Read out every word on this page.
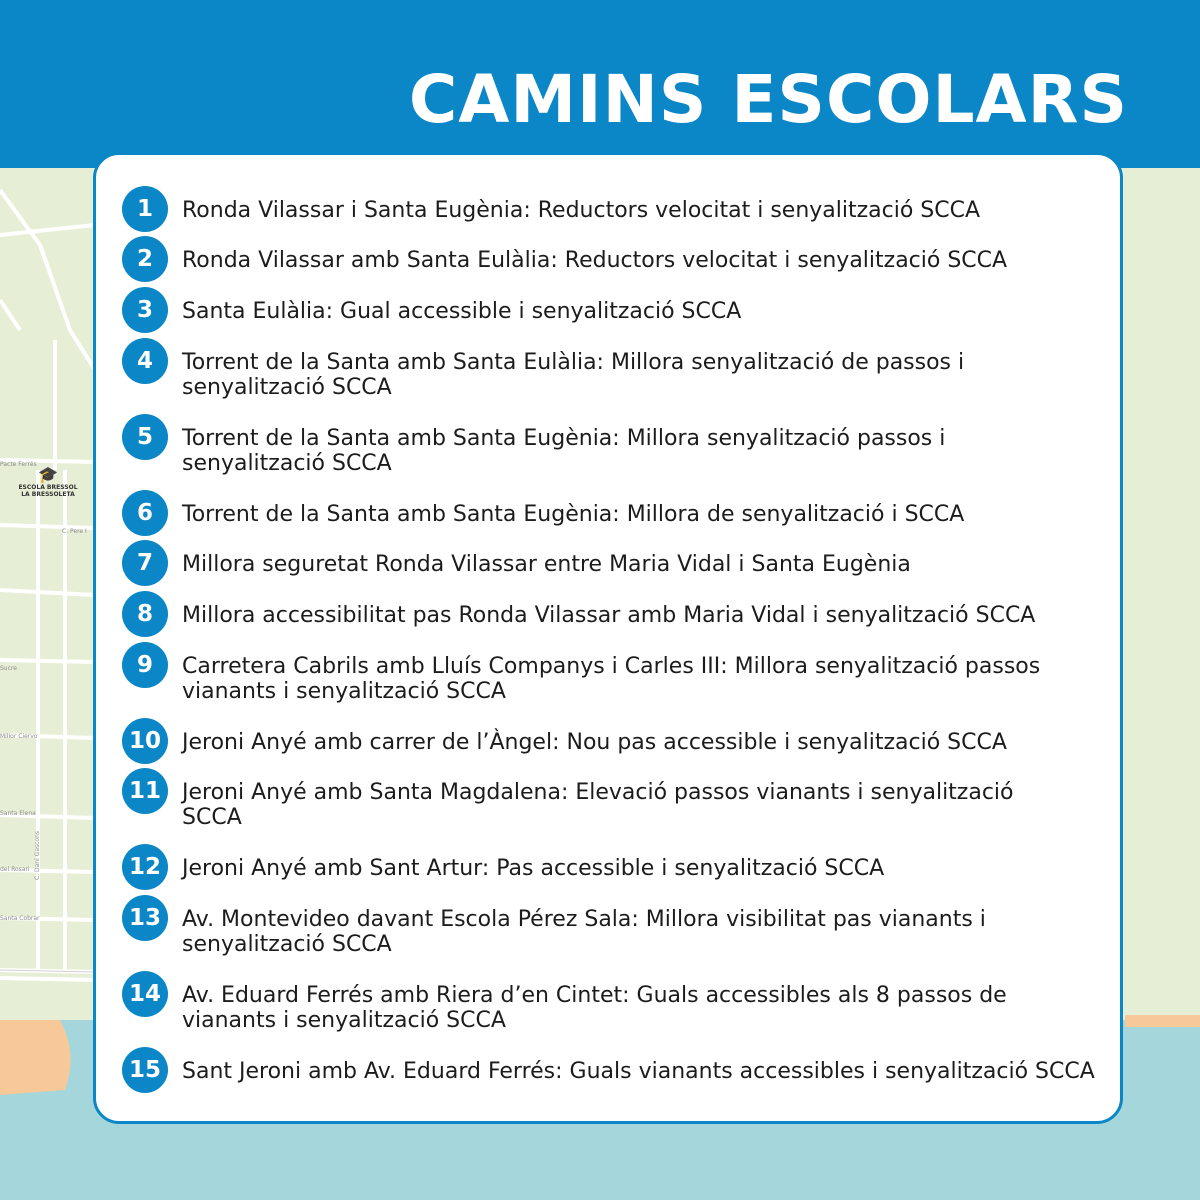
🎓
ESCOLA BRESSOL LA BRESSOLETA
Pacte Ferrés
C. Pere I
Sucre
Millor Ciervo
Santa Elena
del Rosari
Santa Cobrar
C. Dani Gascons
CAMINS ESCOLARS
1	Ronda Vilassar i Santa Eugènia: Reductors velocitat i senyalització SCCA
2	Ronda Vilassar amb Santa Eulàlia: Reductors velocitat i senyalització SCCA
3	Santa Eulàlia: Gual accessible i senyalització SCCA
4	Torrent de la Santa amb Santa Eulàlia: Millora senyalització de passos i
senyalització SCCA
5	Torrent de la Santa amb Santa Eugènia: Millora senyalització passos i
senyalització SCCA
6	Torrent de la Santa amb Santa Eugènia: Millora de senyalització i SCCA
7	Millora seguretat Ronda Vilassar entre Maria Vidal i Santa Eugènia
8	Millora accessibilitat pas Ronda Vilassar amb Maria Vidal i senyalització SCCA
9	Carretera Cabrils amb Lluís Companys i Carles III: Millora senyalització passos
vianants i senyalització SCCA
10 Jeroni Anyé amb carrer de l’Àngel: Nou pas accessible i senyalització SCCA
11 Jeroni Anyé amb Santa Magdalena: Elevació passos vianants i senyalització
SCCA
12 Jeroni Anyé amb Sant Artur: Pas accessible i senyalització SCCA
13 Av. Montevideo davant Escola Pérez Sala: Millora visibilitat pas vianants i
senyalització SCCA
14 Av. Eduard Ferrés amb Riera d’en Cintet: Guals accessibles als 8 passos de
vianants i senyalització SCCA
15 Sant Jeroni amb Av. Eduard Ferrés: Guals vianants accessibles i senyalització SCCA
